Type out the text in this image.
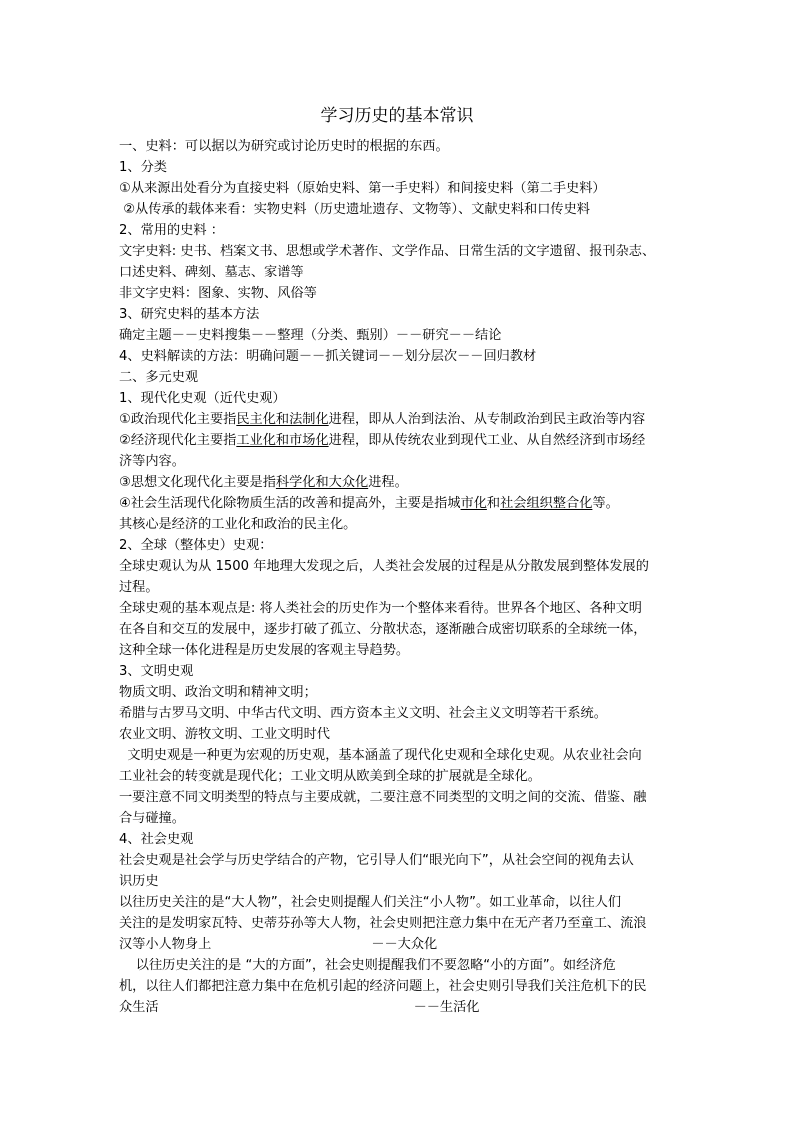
学习历史的基本常识
一、史料：可以据以为研究或讨论历史时的根据的东西。
1、分类
①从来源出处看分为直接史料（原始史料、第一手史料）和间接史料（第二手史料）
②从传承的载体来看：实物史料（历史遗址遗存、文物等）、文献史料和口传史料
2、常用的史料 ：
文字史料: 史书、档案文书、思想或学术著作、文学作品、日常生活的文字遗留、报刊杂志、
口述史料、碑刻、墓志、家谱等
非文字史料：图象、实物、风俗等
3、研究史料的基本方法
确定主题－－史料搜集－－整理（分类、甄别）－－研究－－结论
4、史料解读的方法：明确问题－－抓关键词－－划分层次－－回归教材
二、多元史观
1、现代化史观（近代史观）
①政治现代化主要指民主化和法制化进程，即从人治到法治、从专制政治到民主政治等内容
②经济现代化主要指工业化和市场化进程，即从传统农业到现代工业、从自然经济到市场经
济等内容。
③思想文化现代化主要是指科学化和大众化进程。
④社会生活现代化除物质生活的改善和提高外，主要是指城市化和社会组织整合化等。
其核心是经济的工业化和政治的民主化。
2、全球（整体史）史观：
全球史观认为从 1500 年地理大发现之后，人类社会发展的过程是从分散发展到整体发展的
过程。
全球史观的基本观点是: 将人类社会的历史作为一个整体来看待。世界各个地区、各种文明
在各自和交互的发展中，逐步打破了孤立、分散状态，逐渐融合成密切联系的全球统一体，
这种全球一体化进程是历史发展的客观主导趋势。
3、文明史观
物质文明、政治文明和精神文明；
希腊与古罗马文明、中华古代文明、西方资本主义文明、社会主义文明等若干系统。
农业文明、游牧文明、工业文明时代
文明史观是一种更为宏观的历史观，基本涵盖了现代化史观和全球化史观。从农业社会向
工业社会的转变就是现代化；工业文明从欧美到全球的扩展就是全球化。
一要注意不同文明类型的特点与主要成就，二要注意不同类型的文明之间的交流、借鉴、融
合与碰撞。
4、社会史观
社会史观是社会学与历史学结合的产物，它引导人们“眼光向下”，从社会空间的视角去认
识历史
以往历史关注的是“大人物”，社会史则提醒人们关注“小人物”。如工业革命，以往人们
关注的是发明家瓦特、史蒂芬孙等大人物，社会史则把注意力集中在无产者乃至童工、流浪
汉等小人物身上	－－大众化
以往历史关注的是 “大的方面”，社会史则提醒我们不要忽略“小的方面”。如经济危
机，以往人们都把注意力集中在危机引起的经济问题上，社会史则引导我们关注危机下的民
众生活	－－生活化
